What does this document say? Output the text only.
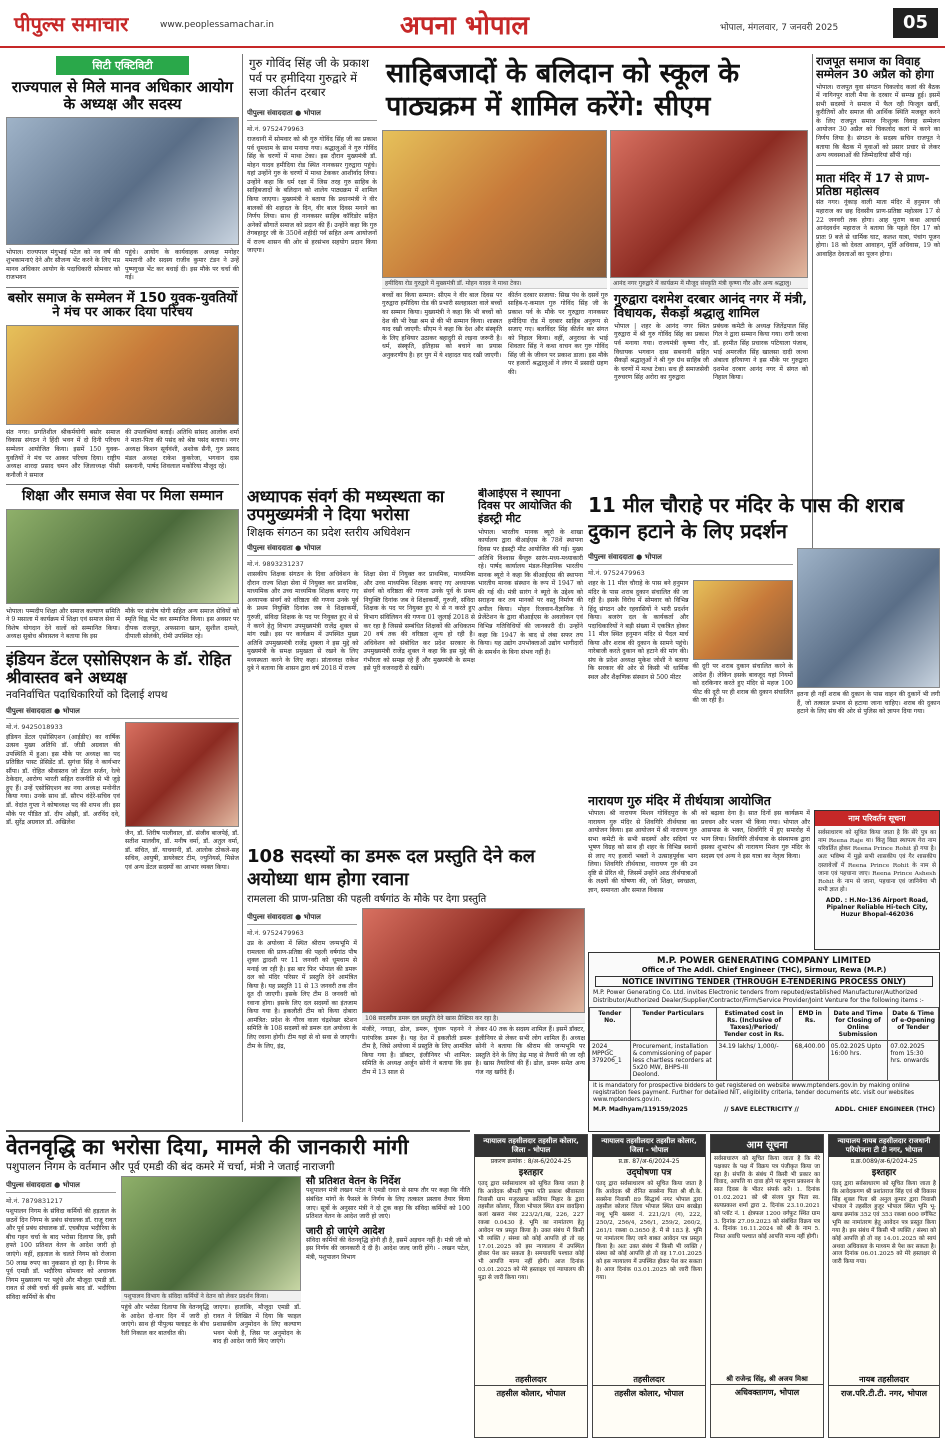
पीपुल्स समाचार	www.peoplessamachar.in	अपना भोपाल	भोपाल, मंगलवार, 7 जनवरी 2025	05
सिटी एक्टिविटी
राज्यपाल से मिले मानव अधिकार आयोग के अध्यक्ष और सदस्य
भोपाल। राज्यपाल मंगुभाई पटेल को नव वर्ष की शुभकामनाएं देने और सौजन्य भेंट करने के लिए मप्र मानव अधिकार आयोग के पदाधिकारी सोमवार को राजभवन
पहुंचे। आयोग के कार्यवाहक अध्यक्ष मनोहर ममतानी और सदस्य राजीव कुमार टंडन ने उन्हें पुष्पगुच्छ भेंट कर बधाई दी। इस मौके पर चर्चा की गई।
बसोर समाज के सम्मेलन में 150 युवक-युवतियों ने मंच पर आकर दिया परिचय
संत नगर। प्रगतिशील श्रीकर्मयोगी बसोर समाज विकास संगठन ने हिंदी भवन में दो दिनी परिचय सम्मेलन आयोजित किया। इसमें 150 युवक-युवतियों ने मंच पर आकर परिचय दिया। राष्ट्रीय अध्यक्ष शारदा प्रसाद चमन और जिलाध्यक्ष पीसी कनौजी ने समाज
की उपलब्धियां बताईं। अतिथि सांसद आलोक शर्मा ने माता-पिता की पसंद को श्रेष्ठ पसंद बताया। नगर अध्यक्ष किशन सूर्यवंशी, अशोक सैनी, गुरु प्रसाद मंडल अध्यक्ष राकेश कुकरेजा, भगवान दास सबनानी, पार्षद शिवलाल मकोरिया मौजूद रहे।
शिक्षा और समाज सेवा पर मिला सम्मान
भोपाल। पम्मदीप शिक्षा और समाज कल्याण समिति ने 9 मसाला में कार्यक्रम में शिक्षा एवं समाज सेवा में विशेष योगदान देने वालों को सम्मानित किया। अध्यक्ष सुबोध श्रीवास्तव ने बताया कि इस
मौके पर संतोष योगी सहित अन्य समाज सेवियों को स्मृति चिह्न भेंट कर सम्मानित किया। इस अवसर पर दीपक राजपूत, अफसाना खान, सुशील दामले, दीपाली सोलंकी, रोमी उपस्थित रहे।
इंडियन डेंटल एसोसिएशन के डॉ. रोहित श्रीवास्तव बने अध्यक्ष
नवनिर्वाचित पदाधिकारियों को दिलाई शपथ
पीपुल्स संवाददाता ● भोपाल
मो.नं. 9425018933
इंडियन डेंटल एसोसिएशन (आईडीए) का वार्षिक उत्सव मुख्य अतिथि डॉ. जीडी अग्रवाल की उपस्थिति में हुआ। इस मौके पर अध्यक्ष का पद प्रतिष्ठित पास्ट प्रेसिडेंट डॉ. सुगंधा सिंह ने कार्यभार सौंपा। डॉ. रोहित श्रीवास्तव जो डेंटल सर्जन, रेल्वे ठेकेदार, आरोग्य भारती सहित राजनीति से भी जुड़े हुए हैं। उन्हें एसोसिएशन का नया अध्यक्ष मनोनीत किया गया। उनके साथ डॉ. सौरभ वंदेरे-सचिव एवं डॉ. वेदांत गुप्ता ने कोषाध्यक्ष पद की शपथ ली। इस मौके पर पीडित डॉ. दीप ओझी, डॉ. अरविंद दवे, डॉ. सुरेंद्र अग्रवाल डॉ. अखिलेश
जैन, डॉ. शिरीष पालीवाल, डॉ. संजीव बाजपेई, डॉ. सतीश मालवीय, डॉ. मनीष वर्मा, डॉ. अतुल वर्मा, डॉ. संचित, डॉ. याचवानी, डॉ. आलोक ठोकले-सह सचिव, आयुषी, डायरेक्टर टीम, ज्युनियर्स, मिसेज एवं अन्य डेंटल सदस्यों का आभार व्यक्त किया।
गुरु गोविंद सिंह जी के प्रकाश पर्व पर हमीदिया गुरुद्वारे में सजा कीर्तन दरबार
पीपुल्स संवाददाता ● भोपाल
मो.नं. 9752479963
राजधानी में सोमवार को श्री गुरु गोविंद सिंह जी का प्रकाश पर्व धूमधाम के साथ मनाया गया। श्रद्धालुओं ने गुरु गोविंद सिंह के चरणों में माथा टेका। इस दौरान मुख्यमंत्री डॉ. मोहन यादव हमीदिया रोड स्थित नानकसर गुरुद्वारा पहुंचे। यहां उन्होंने गुरु के चरणों में माथा टेककर आशीर्वाद लिया। उन्होंने कहा कि धर्म रक्षा में जिस तरह गुरु साहिब के साहिबजादों के बलिदान को शालेय पाठ्यक्रम में शामिल किया जाएगा। मुख्यमंत्री ने बताया कि प्रधानमंत्री ने वीर बालकों की शहादत के दिन, वीर बाल दिवस मनाने का निर्णय लिया। साथ ही नानकसर साहिब कॉरिडोर सहित अनेकों सौगातें समाज को प्रदान की हैं। उन्होंने कहा कि गुरु तेगबहादुर जी के 350वें शहीदी पर्व सहित अन्य आयोजनों में राज्य शासन की ओर से हरसंभव सहयोग प्रदान किया जाएगा।
साहिबजादों के बलिदान को स्कूल के पाठ्यक्रम में शामिल करेंगे: सीएम
हमीदिया रोड गुरुद्वारे में मुख्यमंत्री डॉ. मोहन यादव ने माथा टेका।	आनंद नगर गुरुद्वारे में कार्यक्रम में मौजूद संस्कृति मंत्री कृष्णा गौर और अन्य श्रद्धालु।
बच्चों का किया सम्मान: सीएम ने वीर बाल दिवस पर गुरुद्वारा हमीदिया रोड की प्रभारी सलहासता वाले बच्चों का सम्मान किया। मुख्यमंत्री ने कहा कि भी बच्चों को देश की भी रेखा श्रम से की भी सम्मान किया। शास्त्रत याद रखी जाएगी: सीएम ने कहा कि देश और संस्कृति के लिए हथियार उठाकर बहादुरी से लड़ना जरूरी है। धर्म, संस्कृति, इतिहास को बचाने का प्रयास अनुकरणीय है। हर युग में ये शहादत याद रखी जाएगी।
कीर्तन दरबार सजाया: सिख पंथ के दसवें गुरु साहिब-ए-कमाल गुरु गोविंद सिंह जी के प्रकाश पर्व के मौके पर गुरुद्वारा नानकसर हमीदिया रोड में दरबार साहिब अनुरूप से सजाए गए। बलविंदर सिंह कीर्तन कर संगत को निहाल किया। वहीं, अनुराधा के भाई शिवतार सिंह ने कथा वाचन कर गुरु गोविंद सिंह जी के जीवन पर प्रकाश डाला। इस मौके पर हजारों श्रद्धालुओं ने लंगर में प्रसादी ग्रहण की।
गुरुद्वारा दशमेश दरबार आनंद नगर में मंत्री, विधायक, सैकड़ों श्रद्धालु शामिल
भोपाल | शहर के आनंद नगर स्थित गुरुद्वारा में श्री गुरु गोविंद सिंह का प्रकाश पर्व मनाया गया। राज्यमंत्री कृष्णा गौर, विधायक भगवान दास सबनानी सहित सैकड़ों श्रद्धालुओं ने श्री गुरु ग्रंथ साहिब जी के चरणों में मत्था टेका। सच ही समाजसेवी गुरुचरण सिंह अरोरा का गुरुद्वारा
प्रबंधक कमेटी के अध्यक्ष जितेंद्रपाल सिंह गिल ने द्वारा सम्मान किया गया। रागी जत्था डॉ. हरमीत सिंह प्रचारक पटियाला पंजाब, भाई अमरजीत सिंह खालसा दादी जत्था अंबाला हरियाणा ने इस मौके पर गुरुद्वारा दशमेश दरबार आनंद नगर में संगत को निहाल किया।
राजपूत समाज का विवाह सम्मेलन 30 अप्रैल को होगा
भोपाल। राजपूत युवा संगठन चिकलोद कलां की बैठक में नागिनपुर वाली मैया के दरबार में सम्पन्न हुई। इसमें सभी सदस्यों ने समाज में फैल रही फिजूल खर्ची, कुरीतियों और समाज की आर्थिक स्थिति मजबूत करने के लिए राजपूत समाज निःशुल्क विवाह सम्मेलन आयोजन 30 अप्रैल को चिकलोद कलां में करने का निर्णय लिया है। संगठन के सदस्य सचिन राजपूत ने बताया कि बैठक में युवाओं को प्रसार प्रचार से लेकर अन्य व्यवस्थाओं की जिम्मेदारियां सौंपी गई।
माता मंदिर में 17 से प्राण-प्रतिष्ठा महोत्सव
संत नगर। नूंकाड़ वाली माता मंदिर में हनुमान जी महाराज का छह दिवसीय प्राण-प्रतिष्ठा महोत्सव 17 से 22 जनवरी तक होगा। आह पुराण कथा आचार्य आनंदवर्धन महाराज ने बताया कि पहले दिन 17 को प्रातः 9 बजे से धार्मिक घाट, कलश यात्रा, पंचांग पूजन होगा। 18 को देवता आवाहन, मूर्ति अधिवास, 19 को आवाहित देवताओं का पूजन होगा।
अध्यापक संवर्ग की मध्यस्थता का उपमुख्यमंत्री ने दिया भरोसा
शिक्षक संगठन का प्रदेश स्तरीय अधिवेशन
पीपुल्स संवाददाता ● भोपाल
मो.नं. 9893231237
शासकीय शिक्षक संगठन के दिवा अधिवेशन के दौरान राज्य शिक्षा सेवा में नियुक्त कर प्राथमिक, माध्यमिक और उच्च माध्यमिक शिक्षक बनाए गए अध्यापक संवर्ग को वरिष्ठता की गणना उनके पूर्व के प्रथम नियुक्ति दिनांक जब वे शिक्षाकर्मी, गुरुजी, संविदा शिक्षक के पद पर नियुक्त हुए थे से ने करने हेतु विभाग उपमुख्यमंत्री राजेंद्र शुक्ल से मांग रखी। इस पर कार्यक्रम में उपस्थित मुख्य अतिथि उपमुख्यमंत्री राजेंद्र शुक्ला ने इस मुद्दे को मुख्यमंत्री के समक्ष प्रमुखता से रखने के लिए मध्यस्थता करने के लिए कहा। प्रांताध्यक्ष राकेश दुबे ने बताया कि शासन द्वारा वर्ष 2018 में राज्य
शिक्षा सेवा में नियुक्त कर प्राथमिक, माध्यमिक और उच्च माध्यमिक शिक्षक बनाए गए अध्यापक संवर्ग को वरिष्ठता की गणना उनके पूर्व के प्रथम नियुक्ति दिनांक जब वे शिक्षाकर्मी, गुरुजी, संविदा शिक्षक के पद पर नियुक्त हुए थे से न करते हुए विभाग संविलियन की गणना 01 जुलाई 2018 से कर रहा है जिससे सम्बंधित शिक्षकों की अधिकतम 20 वर्ष तक की वरिष्ठता शून्य हो रही है। अधिवेशन को संबोधित कर प्रदेश सरकार के उपमुख्यमंत्री राजेंद्र शुक्ल ने कहा कि इस मुद्दे की गंभीरता को समझ रहे हैं और मुख्यमंत्री के समक्ष इसे पूरी वजनदारी से रखेंगे।
बीआईएस ने स्थापना दिवस पर आयोजित की इंडस्ट्री मीट
भोपाल। भारतीय मानक ब्यूरो के शाखा कार्यालय द्वारा बीआईएस के 78वें स्थापना दिवस पर इंडस्ट्री मीट आयोजित की गई। मुख्य अतिथि विश्वास बैंग्लुरु सारंग-मध्य-मध्याकारी रहे। पार्षद कार्यालय मंडल-विज्ञानिक भारतीय मानक ब्यूरो ने कहा कि बीआईएस की स्थापना भारतीय मानक संस्थान के रूप में 1947 को की गई थी। मंत्री सारंग ने ब्यूरो के उद्देश्य को सराहना कर तय मानकों पर वस्तु निर्माण की अपील किया। मोहन रिजवान-वैज्ञानिक ने प्रेजेंटेशन के द्वारा बीआईएस के अवलोकन एवं विभिन्न गतिविधियों की जानकारी दी। उन्होंने कहा कि 1947 के बाद से लंबा सफर तय किया। यह उद्योग उपभोक्ताओं उद्योग भागीदारों के समर्थन के बिना संभव नहीं है।
11 मील चौराहे पर मंदिर के पास की शराब दुकान हटाने के लिए प्रदर्शन
पीपुल्स संवाददाता ● भोपाल
मो.नं. 9752479963
शहर के 11 मील चौराहे के पास बने हनुमान मंदिर के पास शराब दुकान संचालित की जा रही है। इसके विरोध में सोमवार को विभिन्न हिंदू संगठन और रहवासियों ने भारी प्रदर्शन किया। बजरंग दल के कार्यकर्ता और पदाधिकारियों ने बड़ी संख्या में एकत्रित होकर 11 मील स्थित हनुमान मंदिर से पैदल मार्च किया और शराब की दुकान के सामने पहुंचे। नारेबाजी करते दुकान को हटाने की मांग की। संघ के प्रदेश अध्यक्ष मुकेश जोशी ने बताया कि सरकार की ओर से किसी भी धार्मिक स्थल और शैक्षणिक संस्थान से 500 मीटर
की दूरी पर शराब दुकान संचालित करने के आदेश हैं। लेकिन इसके बावजूद यहां नियमों को दरकिनार करते हुए मंदिर से महज 100 फीट की दूरी पर ही शराब की दुकान संचालित की जा रही है।
इतना ही नहीं शराब की दुकान के पास वाहन की दुकानें भी लगी हैं, जो तत्काल प्रभाव से हटाया जाना चाहिए। शराब की दुकान हटाने के लिए संघ की ओर से पुलिस को ज्ञापन दिया गया।
नारायण गुरु मंदिर में तीर्थयात्रा आयोजित
भोपाल। श्री नारायण मिशन गोविंदपुरा के श्री नारायण गुरु मंदिर से शिवगिरि तीर्थयात्रा का आयोजन किया। इस आयोजन में श्री नारायण गुरु सभा कमेटी के सभी सदस्यों और सदियां पर भूषण विग्रह को साथ ही शहर के विभिन्न स्थानों से लाए गए हजारों भक्तों ने उत्साहपूर्वक भाग लिया। शिवगिरि तीर्थयात्रा, नारायण गुरु की उन दृष्टि से प्रेरित थी, जिसमें उन्होंने आठ तीर्थयात्राओं के लक्ष्यों की घोषणा की, जो शिक्षा, स्वच्छता, ज्ञान, समानता और समाज विकास
को बढ़ावा देना है। सात दिनों इस कार्यक्रम में प्रवचन और भजन भी किया गया। भोपाल और आसपास के भक्त, शिवगिरि में हुए समारोह में भाग लिया। शिवगिरि तीर्थयात्रा के संस्थापक द्वारा इसका शुभारंभ श्री नारायण मिशन गुरु मंदिर के सदस्य एवं अन्य ने इस यात्रा का नेतृत्व किया।
नाम परिवर्तन सूचना
सर्वसाधारण को सूचित किया जाता है कि सेरे पुत्र का नाम Reena Raje था। किंतु विद्या स्थापत्य गेरा नाम परिवर्तित होकर Reena Prince Rohit हो गया है। अतः भविष्य में मुझे सभी शासकीय एवं गैर शासकीय दस्तावेजों में Reena Prince Rohit के नाम से जाना एवं पहचाना जाए। Reena Prince Ashesh Rohit के नाम से जाना, पहचाना एवं जानियेगा भी सभी ज्ञात हो।
ADD. : H.No-136 Airport Road, Pipalner Reliable Hi-tech City, Huzur Bhopal-462036
M.P. POWER GENERATING COMPANY LIMITED
Office of The Addl. Chief Engineer (THC), Sirmour, Rewa (M.P.)
NOTICE INVITING TENDER (THROUGH E-TENDERING PROCESS ONLY)
M.P. Power Generating Co. Ltd. invites Electronic tenders from reputed/established Manufacturer/Authorized Distributor/Authorized Dealer/Supplier/Contractor/Firm/Service Provider/Joint Venture for the following items :-
Tender No.	Tender Particulars	Estimated cost in Rs. (Inclusive of Taxes)/Period/ Tender cost in Rs.	EMD in Rs.	Date and Time for Closing of Online Submission	Date & Time of e-Opening of Tender
2024_ MPPGC_ 379206_1	Procurement, installation & commissioning of paper less chartless recorders at 5x20 MW, BHPS-III Deolond.	34.19 lakhs/ 1,000/-	68,400.00	05.02.2025 Upto 16:00 hrs.	07.02.2025 from 15:30 hrs. onwards
It is mandatory for prospective bidders to get registered on website www.mptenders.gov.in by making online registration fees payment. Further for detailed NIT, eligibility criteria, tender documents etc. visit our websites www.mptenders.gov.in.
M.P. Madhyam/119159/2025	// SAVE ELECTRICITY //	ADDL. CHIEF ENGINEER (THC)
108 सदस्यों का डमरू दल प्रस्तुति देने कल अयोध्या धाम होगा रवाना
रामलला की प्राण-प्रतिष्ठा की पहली वर्षगांठ के मौके पर देगा प्रस्तुति
पीपुल्स संवाददाता ● भोपाल
मो.नं. 9752479963
उप्र के अयोध्या में स्थित श्रीराम जन्मभूमि में रामलला की प्राण-प्रतिष्ठा की पहली वर्षगांठ पौष शुक्ल द्वादशी पर 11 जनवरी को धूमधाम से मनाई जा रही है। इस बार फिर भोपाल की डमरू दल को मंदिर परिसर में प्रस्तुति देने आमंत्रित किया है। यह प्रस्तुति 11 से 13 जनवरी तक तीन दूत दी जाएगी। इसके लिए टीम 8 जनवरी को रवाना होगा। इसके लिए दल सदस्यों का इंतजाम किया गया है। इकलौती टीम को किया दोबारा आमंत्रित: प्रदेश के गौरव वाला चंद्रशेखर स्टेशन समिति के 108 सदस्यों को डमरू दल अयोध्या के लिए रवाना होगी। टीम यहां से वो सवा से जाएगी। टीम के लिए, इंद्र,
108 सदस्यीय डमरू दल प्रस्तुति देने खास प्रैक्टिस कर रहा है।
मंजीरे, नगाड़ा, ढोल, डमरू, घुंघरू पहनने ने पारंपरिक डमरू है। यह देश में इकलौती डमरू टीम है, जिसे अयोध्या में प्रस्तुति के लिए आमंत्रित किया गया है। डॉक्टर, इंजीनियर भी शामिल: समिति के अध्यक्ष अर्जुन सोनी ने बताया कि इस टीम में 13 साल से
लेकर 40 तक के सदस्य शामिल हैं। इसमें डॉक्टर, इंजीनियर से लेकर सभी लोग शामिल हैं। अध्यक्ष सोनी ने बताया कि श्रीराम की जन्मभूमि पर प्रस्तुति देने के लिए डेढ़ माह से तैयारी की जा रही है। खास तैयारियां की हैं। ढोल, डमरू समेत अन्य गंज नह खरीदे हैं।
वेतनवृद्धि का भरोसा दिया, मामले की जानकारी मांगी
पशुपालन निगम के वर्तमान और पूर्व एमडी की बंद कमरे में चर्चा, मंत्री ने जताई नाराजगी
पीपुल्स संवाददाता ● भोपाल
मो.नं. 7879831217
पशुपालन निगम के संविदा कर्मियों की हड़ताल के छठवें दिन निगम के प्रबंध संचालक डॉ. राजू रावत और पूर्व प्रबंध संचालक डॉ. एचबीएस भदौरिया के बीच गहन चर्चा के बाद भरोसा दिलाया कि, इसी हफ्ते 100 प्रतिशत वेतन के आदेश जारी हो जाएंगे। वहीं, हड़ताल के चलते निगम को रोजाना 50 लाख रुपए का नुकसान हो रहा है। निगम के पूर्व एमडी डॉ. भदौरिया सोमवार को अचानक निगम मुख्यालय पर पहुंचे और मौजूदा एमडी डॉ. रावत से लंबी चर्चा की इसके बाद डॉ. भदौरिया संविदा कर्मियों के बीच	पशुपालन विभाग के संविदा कर्मियों ने वेतन को लेकर प्रदर्शन किया।
पहुंचे और भरोसा दिलाया कि वेतनवृद्धि के आदेश दो-चार दिन में जारी हो जाएंगे। साथ ही पीपुल्स फ्लाइट के बीच रैली निकाल कर बातचीत की।
जाएगा। हालांकि, मौजूदा एमडी डॉ. रावत ने लिखित में दिया कि फाइल प्रशासकीय अनुमोदन के लिए कल्याण भवन भेजी है, जिस पर अनुमोदन के बाद ही आदेश जारी किए जाएंगे।
सौ प्रतिशत वेतन के निर्देश
पशुपालन मंत्री लखन पटेल ने एमडी रावत से साफ तौर पर कहा कि नीति संबंधित मांगों के फैसले के निर्णय के लिए तत्काल प्रस्ताव तैयार किया जाए। सूत्रों के अनुसार मंत्री ने दो टूक कहा कि संविदा कर्मियों को 100 प्रतिशत वेतन के आदेश जारी हो जाएं।
जारी हो जाएंगे आदेश
संविदा कर्मियों की वेतनवृद्धि होनी ही है, इसमें अड़चन नहीं है। मंत्री जी को इस निर्णय की जानकारी दे दी है। आदेश जल्द जारी होंगे। - लखन पटेल, मंत्री, पशुपालन विभाग
न्यायालय तहसीलदार तहसील कोलार, जिला - भोपाल
प्रकरण क्रमांक : 8/अ-6/2024-25
इश्तहार
एतद् द्वारा सर्वसाधारण को सूचित किया जाता है कि आवेदक श्रीमती पुष्पा पति प्रकाश श्रीवास्तव निवासी ग्राम मजूरखपा कलिया मिहार के द्वारा तहसील कोलार, जिला भोपाल स्थित ग्राम वावड़िया कलां खसरा नंबर 223/2/1/ख, 226, 227 रकबा 0.0430 हे. भूमि का नामांतरण हेतु आवेदन पत्र प्रस्तुत किया है। उक्त संबंध में किसी भी व्यक्ति / संस्था को कोई आपत्ति हो तो वह 17.01.2025 को इस न्यायालय में उपस्थित होकर पेश कर सकता है। समयावधि पश्चात कोई भी आपत्ति मान्य नहीं होगी। आज दिनांक 03.01.2025 को मेरे हस्ताक्षर एवं न्यायालय की मुद्रा से जारी किया गया।
तहसीलदार
तहसील कोलार, भोपाल
न्यायालय तहसीलदार तहसील कोलार, जिला - भोपाल
प्र.क्र. 87/अ-6/2024-25
उद्‌घोषणा पत्र
एतद् द्वारा सर्वसाधारण को सूचित किया जाता है कि आवेदक श्री रोनित सक्सेना पिता श्री बी.के. सक्सेना निवासी 89 सिद्धार्थ नगर भोपाल द्वारा तहसील कोलार जिला भोपाल स्थित ग्राम बरखेड़ा नाथू भूमि खसरा नं. 221/2/1 (ग), 222, 250/2, 256/4, 256/1, 259/2, 260/2, 261/1 रकबा 0.3650 हे. में से 183 हे. भूमि पर नामांतरण किए जाने बाबत आवेदन पत्र प्रस्तुत किया है। अतः उक्त संबंध में किसी भी व्यक्ति / संस्था को कोई आपत्ति हो तो वह 17.01.2025 को इस न्यायालय में उपस्थित होकर पेश कर सकता है। आज दिनांक 03.01.2025 को जारी किया गया।
तहसीलदार
तहसील कोलार, भोपाल
आम सूचना
सर्वसाधारण को सूचित किया जाता है कि मेरे पक्षकार के पक्ष में विक्रय पत्र पंजीकृत किया जा रहा है। संपत्ति के संबंध में किसी भी प्रकार का विवाद, आपत्ति या दावा होने पर सूचना प्रकाशन के सात दिवस के भीतर संपर्क करें। 1. दिनांक 01.02.2021 को श्री संजय पुत्र पिता स्व. सत्यप्रकाश शर्मा द्वारा 2. दिनांक 23.10.2021 को प्लॉट नं. 1 क्षेत्रफल 1200 वर्गफुट स्थित ग्राम 3. दिनांक 27.09.2023 को संबंधित विक्रय पत्र 4. दिनांक 16.11.2024 को श्री के नाम 5. नियत अवधि पश्चात कोई आपत्ति मान्य नहीं होगी।
श्री राजेन्द्र सिंह, श्री अजय मिश्रा
अधिवक्तागण, भोपाल
न्यायालय नायब तहसीलदार राजधानी परियोजना टी टी नगर, भोपाल
प्र.क्र.0089/अ-6/2024-25
इश्तहार
एतद् द्वारा सर्वसाधारण को सूचित किया जाता है कि आवेदकगण श्री प्रशांतराज सिंह एवं श्री विकास सिंह शुक्ल पिता श्री अनुल कुमार द्वारा निवासी भोपाल ने तहसील हुजूर भोपाल स्थित भूमि भू-खण्ड क्रमांक 352 एवं 353 रकबा 600 वर्गफिट भूमि का नामांतरण हेतु आवेदन पत्र प्रस्तुत किया गया है। इस संबंध में किसी भी व्यक्ति / संस्था को कोई आपत्ति हो तो वह 14.01.2025 को स्वयं अथवा अधिवक्ता के माध्यम से पेश कर सकता है। आज दिनांक 06.01.2025 को मेरे हस्ताक्षर से जारी किया गया।
नायब तहसीलदार
राज.परि.टी.टी. नगर, भोपाल
